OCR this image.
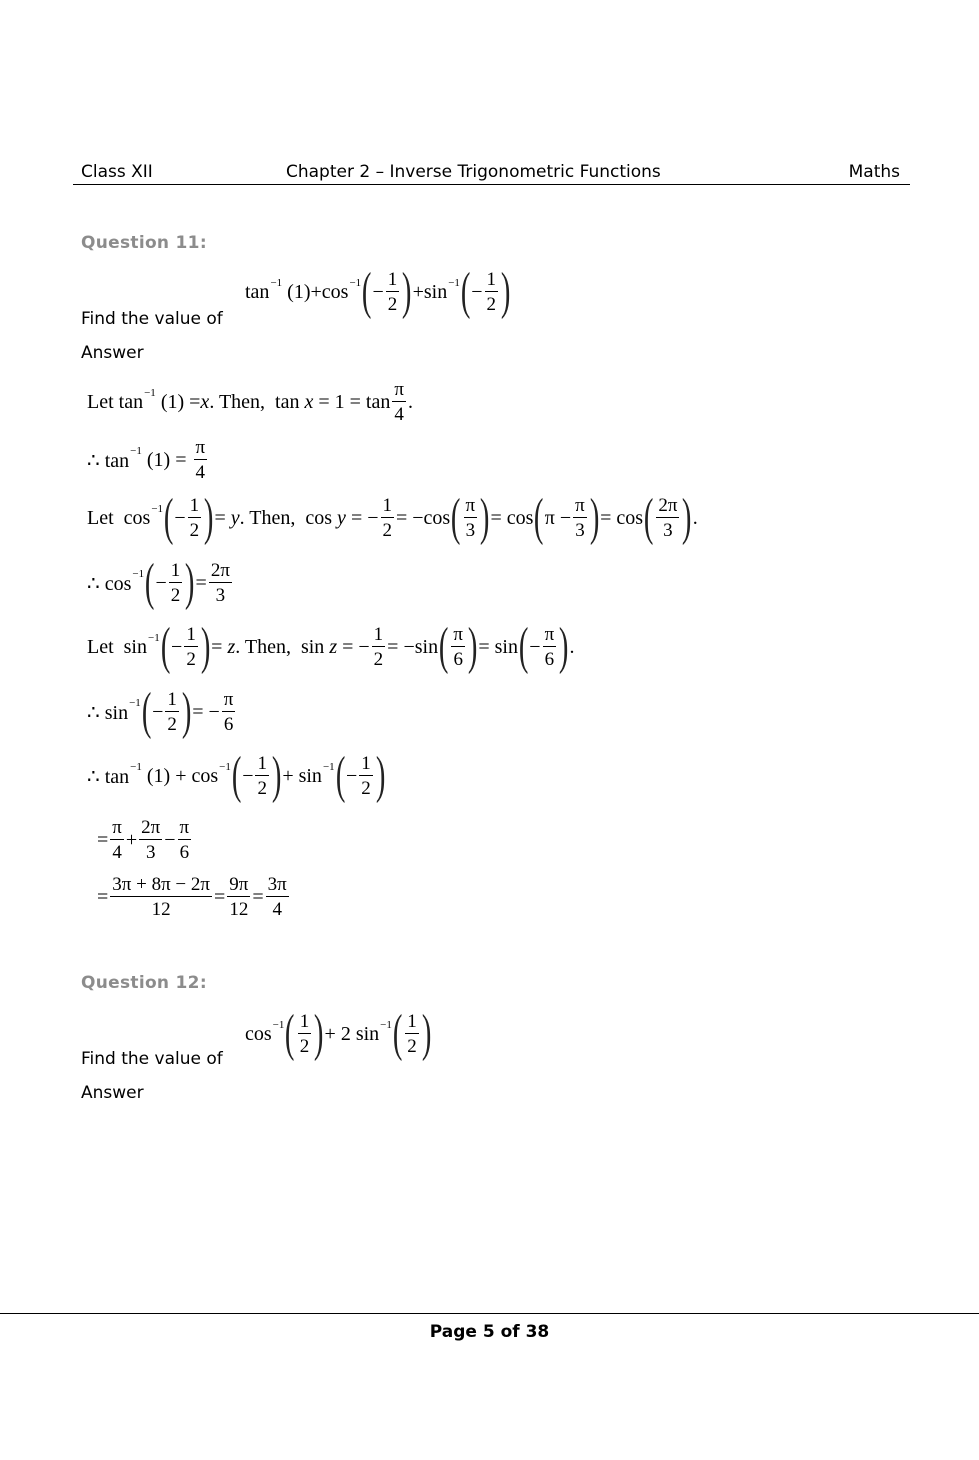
Class XII	Chapter 2 – Inverse Trigonometric Functions	Maths
Question 11:
tan −1 (1) + cos −1 ( − $\frac{1}{2}$ ) + sin −1 ( − $\frac{1}{2}$ )
Find the value of
Answer
Let tan −1 (1) = x . Then,  $\tan x = 1 = \tan \frac{\pi}{4}$ .
∴ tan −1 $(1) = \frac{\pi}{4}$
Let  cos −1 ( − $\frac{1}{2}$ ) = y . Then,  cos y = − $\frac{1}{2} = -\cos$ ( $\frac{\pi}{3}$ ) = cos ( $\pi - \frac{\pi}{3}$ ) = cos ( $\frac{2\pi}{3}$ ) .
∴ cos −1 ( − $\frac{1}{2}$ ) = $\frac{2\pi}{3}$
Let  sin −1 ( − $\frac{1}{2}$ ) = z . Then,  sin z = − $\frac{1}{2} = -\sin$ ( $\frac{\pi}{6}$ ) = sin ( − $\frac{\pi}{6}$ ) .
∴ sin −1 ( − $\frac{1}{2}$ ) = − $\frac{\pi}{6}$
∴ tan −1 (1) + cos −1 ( − $\frac{1}{2}$ ) + sin −1 ( − $\frac{1}{2}$ )
= $\frac{\pi}{4} + \frac{2\pi}{3} - \frac{\pi}{6}$
= $\frac{3\pi + 8\pi - 2\pi}{12} = \frac{9\pi}{12} = \frac{3\pi}{4}$
Question 12:
cos −1 ( $\frac{1}{2}$ ) + 2 sin −1 ( $\frac{1}{2}$ )
Find the value of
Answer
Page 5 of 38
